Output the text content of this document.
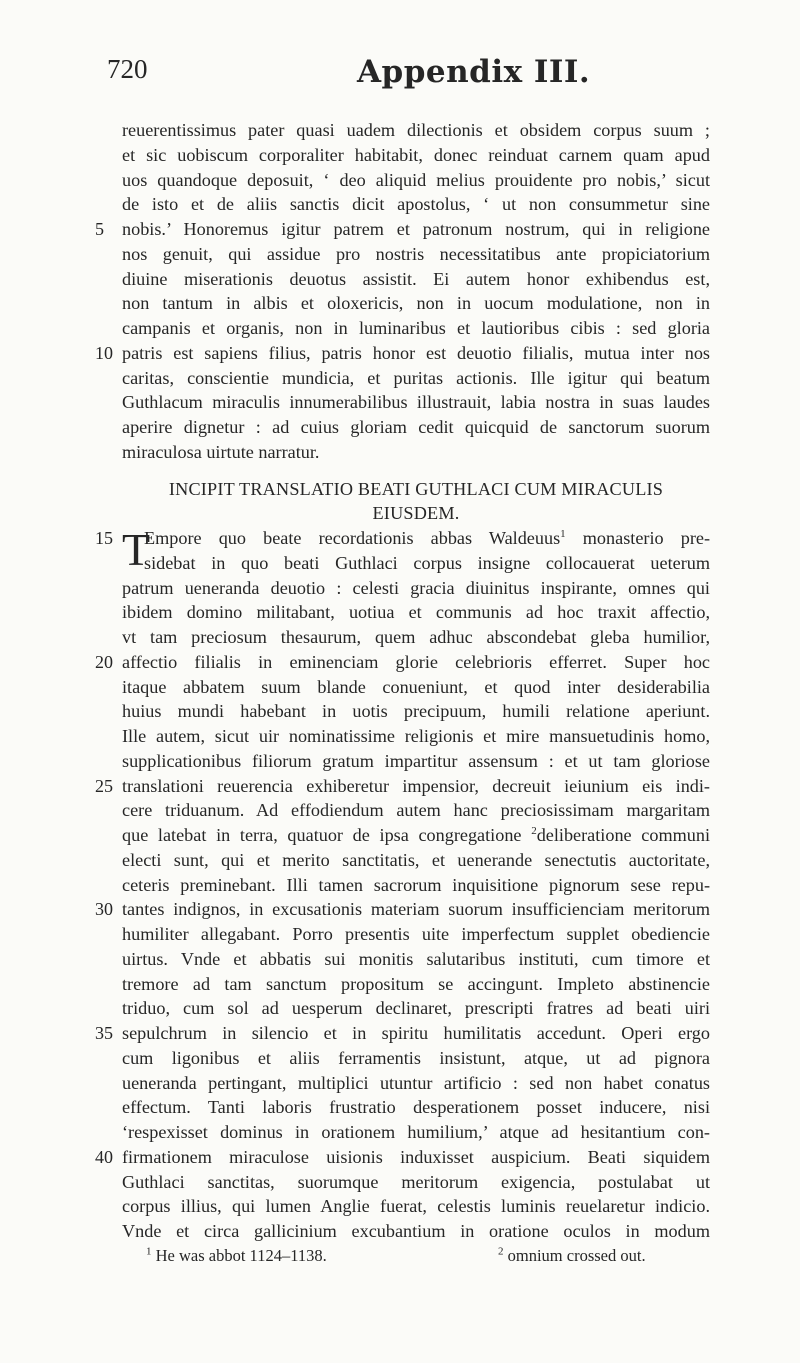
720	Appendix III.
reuerentissimus pater quasi uadem dilectionis et obsidem corpus suum ;
et sic uobiscum corporaliter habitabit, donec reinduat carnem quam apud
uos quandoque deposuit, ‘ deo aliquid melius prouidente pro nobis,’ sicut
de isto et de aliis sanctis dicit apostolus, ‘ ut non consummetur sine
5 nobis.’ Honoremus igitur patrem et patronum nostrum, qui in religione
nos genuit, qui assidue pro nostris necessitatibus ante propiciatorium
diuine miserationis deuotus assistit. Ei autem honor exhibendus est,
non tantum in albis et oloxericis, non in uocum modulatione, non in
campanis et organis, non in luminaribus et lautioribus cibis : sed gloria
10 patris est sapiens filius, patris honor est deuotio filialis, mutua inter nos
caritas, conscientie mundicia, et puritas actionis. Ille igitur qui beatum
Guthlacum miraculis innumerabilibus illustrauit, labia nostra in suas laudes
aperire dignetur : ad cuius gloriam cedit quicquid de sanctorum suorum
miraculosa uirtute narratur.
INCIPIT TRANSLATIO BEATI GUTHLACI CUM MIRACULIS
EIUSDEM.
15 T
Empore quo beate recordationis abbas Waldeuus$^1$ monasterio pre-
sidebat in quo beati Guthlaci corpus insigne collocauerat ueterum
patrum ueneranda deuotio : celesti gracia diuinitus inspirante, omnes qui
ibidem domino militabant, uotiua et communis ad hoc traxit affectio,
vt tam preciosum thesaurum, quem adhuc abscondebat gleba humilior,
20 affectio filialis in eminenciam glorie celebrioris efferret. Super hoc
itaque abbatem suum blande conueniunt, et quod inter desiderabilia
huius mundi habebant in uotis precipuum, humili relatione aperiunt.
Ille autem, sicut uir nominatissime religionis et mire mansuetudinis homo,
supplicationibus filiorum gratum impartitur assensum : et ut tam gloriose
25 translationi reuerencia exhiberetur impensior, decreuit ieiunium eis indi-
cere triduanum. Ad effodiendum autem hanc preciosissimam margaritam
que latebat in terra, quatuor de ipsa congregatione $^2$deliberatione communi
electi sunt, qui et merito sanctitatis, et uenerande senectutis auctoritate,
ceteris preminebant. Illi tamen sacrorum inquisitione pignorum sese repu-
30 tantes indignos, in excusationis materiam suorum insufficienciam meritorum
humiliter allegabant. Porro presentis uite imperfectum supplet obediencie
uirtus. Vnde et abbatis sui monitis salutaribus instituti, cum timore et
tremore ad tam sanctum propositum se accingunt. Impleto abstinencie
triduo, cum sol ad uesperum declinaret, prescripti fratres ad beati uiri
35 sepulchrum in silencio et in spiritu humilitatis accedunt. Operi ergo
cum ligonibus et aliis ferramentis insistunt, atque, ut ad pignora
ueneranda pertingant, multiplici utuntur artificio : sed non habet conatus
effectum. Tanti laboris frustratio desperationem posset inducere, nisi
‘respexisset dominus in orationem humilium,’ atque ad hesitantium con-
40 firmationem miraculose uisionis induxisset auspicium. Beati siquidem
Guthlaci sanctitas, suorumque meritorum exigencia, postulabat ut
corpus illius, qui lumen Anglie fuerat, celestis luminis reuelaretur indicio.
Vnde et circa gallicinium excubantium in oratione oculos in modum
$^1$ He was abbot 1124–1138.	$^2$ omnium crossed out.
